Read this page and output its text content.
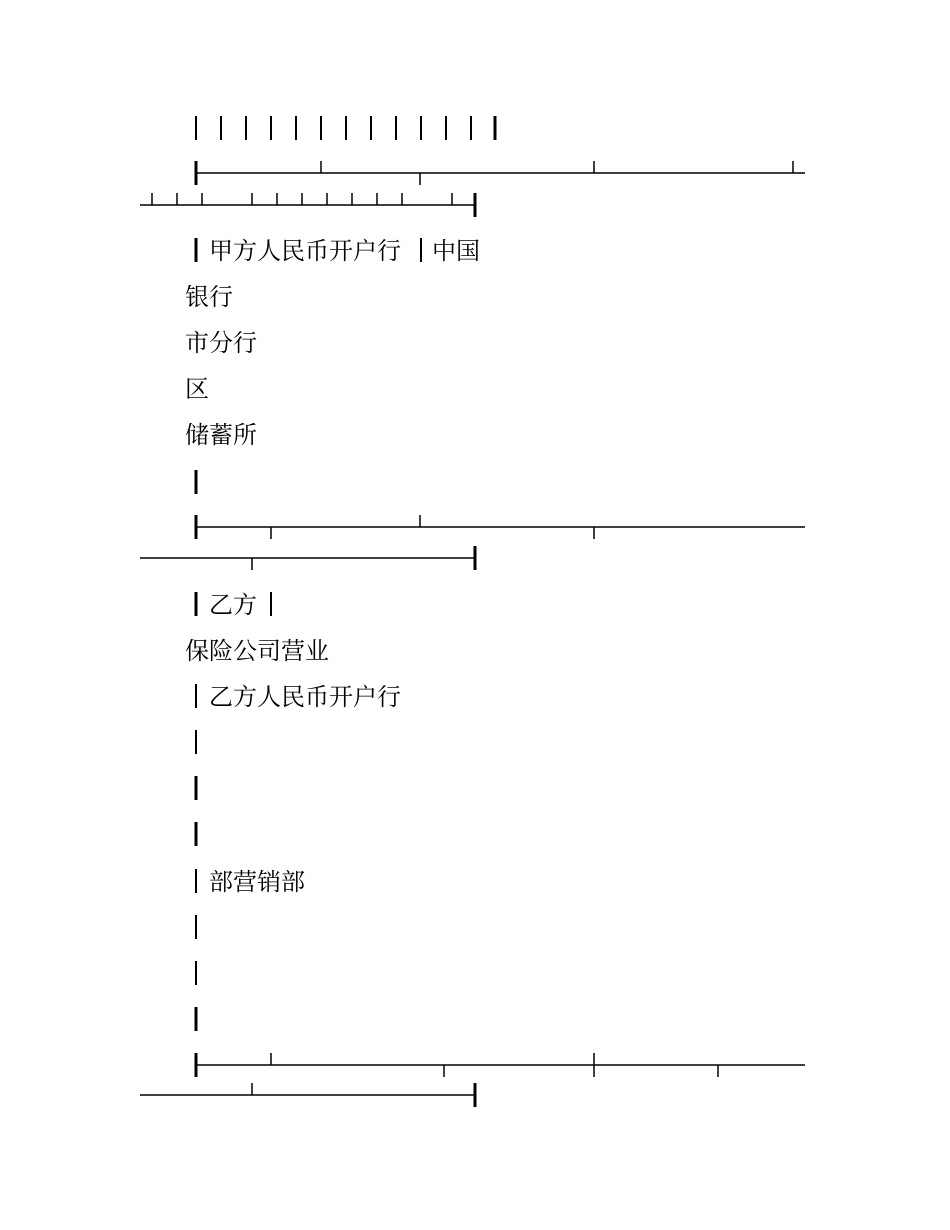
甲方人民币开户行 中国
银行
市分行
区
储蓄所
乙方
保险公司营业
乙方人民币开户行
部营销部
